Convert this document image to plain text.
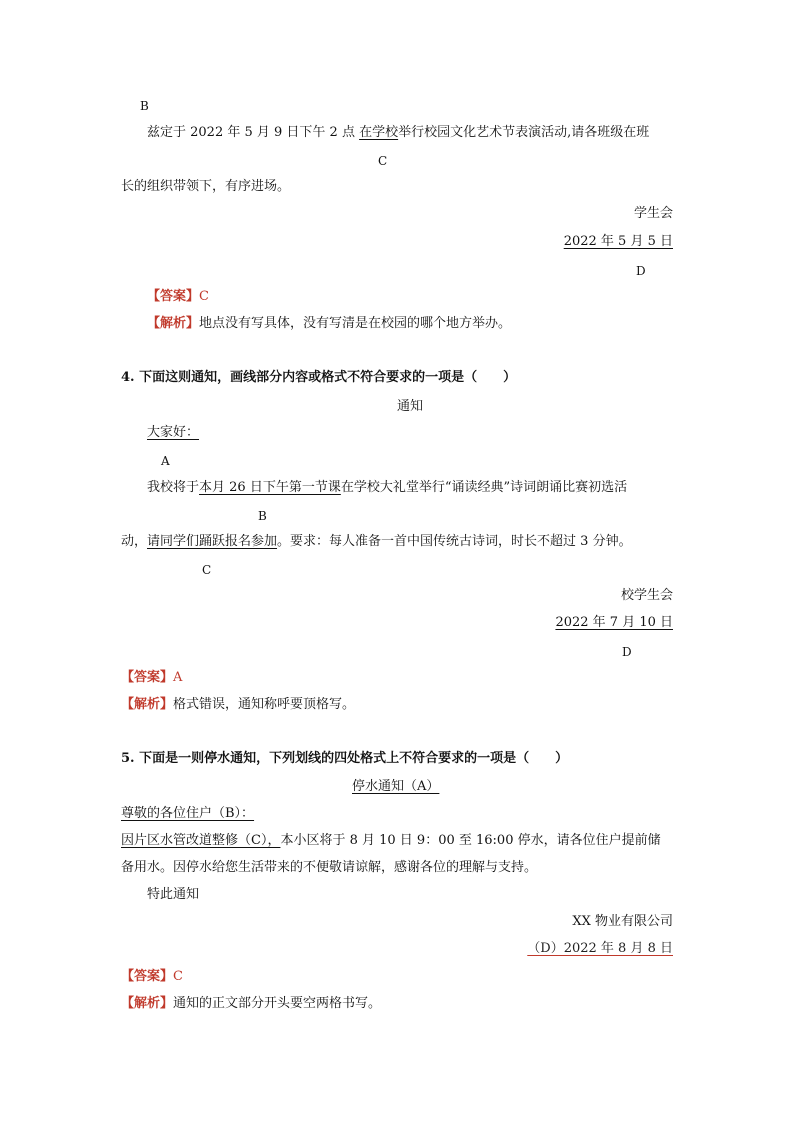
B
兹定于 2022 年 5 月 9 日下午 2 点 在学校举行校园文化艺术节表演活动,请各班级在班
C
长的组织带领下，有序进场。
学生会
2022 年 5 月 5 日
D
【答案】C
【解析】地点没有写具体，没有写清是在校园的哪个地方举办。
4. 下面这则通知，画线部分内容或格式不符合要求的一项是（　　）
通知
大家好：
A
我校将于本月 26 日下午第一节课在学校大礼堂举行“诵读经典”诗词朗诵比赛初选活
B
动，请同学们踊跃报名参加。要求：每人准备一首中国传统古诗词，时长不超过 3 分钟。
C
校学生会
2022 年 7 月 10 日
D
【答案】A
【解析】格式错误，通知称呼要顶格写。
5. 下面是一则停水通知，下列划线的四处格式上不符合要求的一项是（　　）
停水通知（A）
尊敬的各位住户（B）：
因片区水管改道整修（C），本小区将于 8 月 10 日 9：00 至 16:00 停水，请各位住户提前储
备用水。因停水给您生活带来的不便敬请谅解，感谢各位的理解与支持。
特此通知
XX 物业有限公司
（D）2022 年 8 月 8 日
【答案】C
【解析】通知的正文部分开头要空两格书写。
